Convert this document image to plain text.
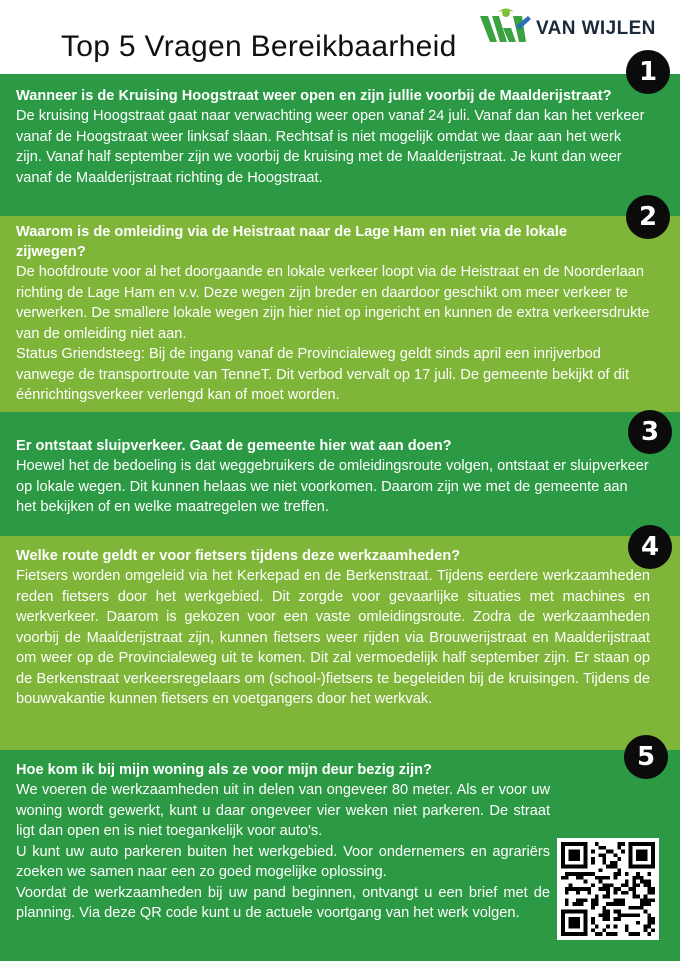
Top 5 Vragen Bereikbaarheid
VAN WIJLEN
Wanneer is de Kruising Hoogstraat weer open en zijn jullie voorbij de Maalderijstraat?

De kruising Hoogstraat gaat naar verwachting weer open vanaf 24 juli. Vanaf dan kan het verkeer vanaf de Hoogstraat weer linksaf slaan. Rechtsaf is niet mogelijk omdat we daar aan het werk zijn. Vanaf half september zijn we voorbij de kruising met de Maalderijstraat. Je kunt dan weer vanaf de Maalderijstraat richting de Hoogstraat.

1
Waarom is de omleiding via de Heistraat naar de Lage Ham en niet via de lokale zijwegen?

De hoofdroute voor al het doorgaande en lokale verkeer loopt via de Heistraat en de Noorderlaan richting de Lage Ham en v.v. Deze wegen zijn breder en daardoor geschikt om meer verkeer te verwerken. De smallere lokale wegen zijn hier niet op ingericht en kunnen de extra verkeersdrukte van de omleiding niet aan.

Status Griendsteeg: Bij de ingang vanaf de Provincialeweg geldt sinds april een inrijverbod vanwege de transportroute van TenneT. Dit verbod vervalt op 17 juli. De gemeente bekijkt of dit éénrichtingsverkeer verlengd kan of moet worden.

2
Er ontstaat sluipverkeer. Gaat de gemeente hier wat aan doen?

Hoewel het de bedoeling is dat weggebruikers de omleidingsroute volgen, ontstaat er sluipverkeer op lokale wegen. Dit kunnen helaas we niet voorkomen. Daarom zijn we met de gemeente aan het bekijken of en welke maatregelen we treffen.

3
Welke route geldt er voor fietsers tijdens deze werkzaamheden?

Fietsers worden omgeleid via het Kerkepad en de Berkenstraat. Tijdens eerdere werkzaamheden reden fietsers door het werkgebied. Dit zorgde voor gevaarlijke situaties met machines en werkverkeer. Daarom is gekozen voor een vaste omleidingsroute. Zodra de werkzaamheden voorbij de Maalderijstraat zijn, kunnen fietsers weer rijden via Brouwerijstraat en Maalderijstraat om weer op de Provincialeweg uit te komen. Dit zal vermoedelijk half september zijn. Er staan op de Berkenstraat verkeersregelaars om (school-)fietsers te begeleiden bij de kruisingen. Tijdens de bouwvakantie kunnen fietsers en voetgangers door het werkvak.

4
Hoe kom ik bij mijn woning als ze voor mijn deur bezig zijn?

We voeren de werkzaamheden uit in delen van ongeveer 80 meter. Als er voor uw woning wordt gewerkt, kunt u daar ongeveer vier weken niet parkeren. De straat ligt dan open en is niet toegankelijk voor auto's.

U kunt uw auto parkeren buiten het werkgebied. Voor ondernemers en agrariërs zoeken we samen naar een zo goed mogelijke oplossing.

Voordat de werkzaamheden bij uw pand beginnen, ontvangt u een brief met de planning. Via deze QR code kunt u de actuele voortgang van het werk volgen.

5
